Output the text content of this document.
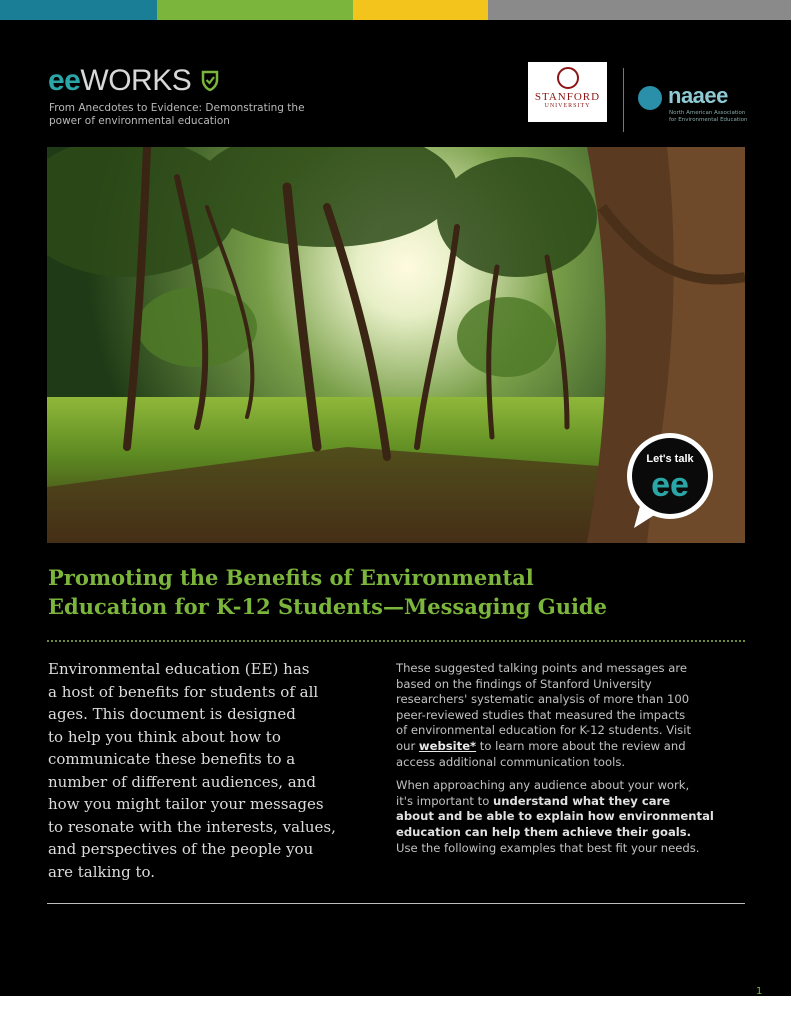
eeWORKS
From Anecdotes to Evidence: Demonstrating the
power of environmental education
STANFORD
UNIVERSITY	naaee
North American Association
for Environmental Education
Let's talk
ee
Promoting the Benefits of Environmental
Education for K-12 Students—Messaging Guide
Environmental education (EE) has
a host of benefits for students of all
ages. This document is designed
to help you think about how to
communicate these benefits to a
number of different audiences, and
how you might tailor your messages
to resonate with the interests, values,
and perspectives of the people you
are talking to.

These suggested talking points and messages are
based on the findings of Stanford University
researchers' systematic analysis of more than 100
peer-reviewed studies that measured the impacts
of environmental education for K-12 students. Visit
our website* to learn more about the review and
access additional communication tools.

When approaching any audience about your work,
it's important to understand what they care
about and be able to explain how environmental
education can help them achieve their goals.
Use the following examples that best fit your needs.

1
